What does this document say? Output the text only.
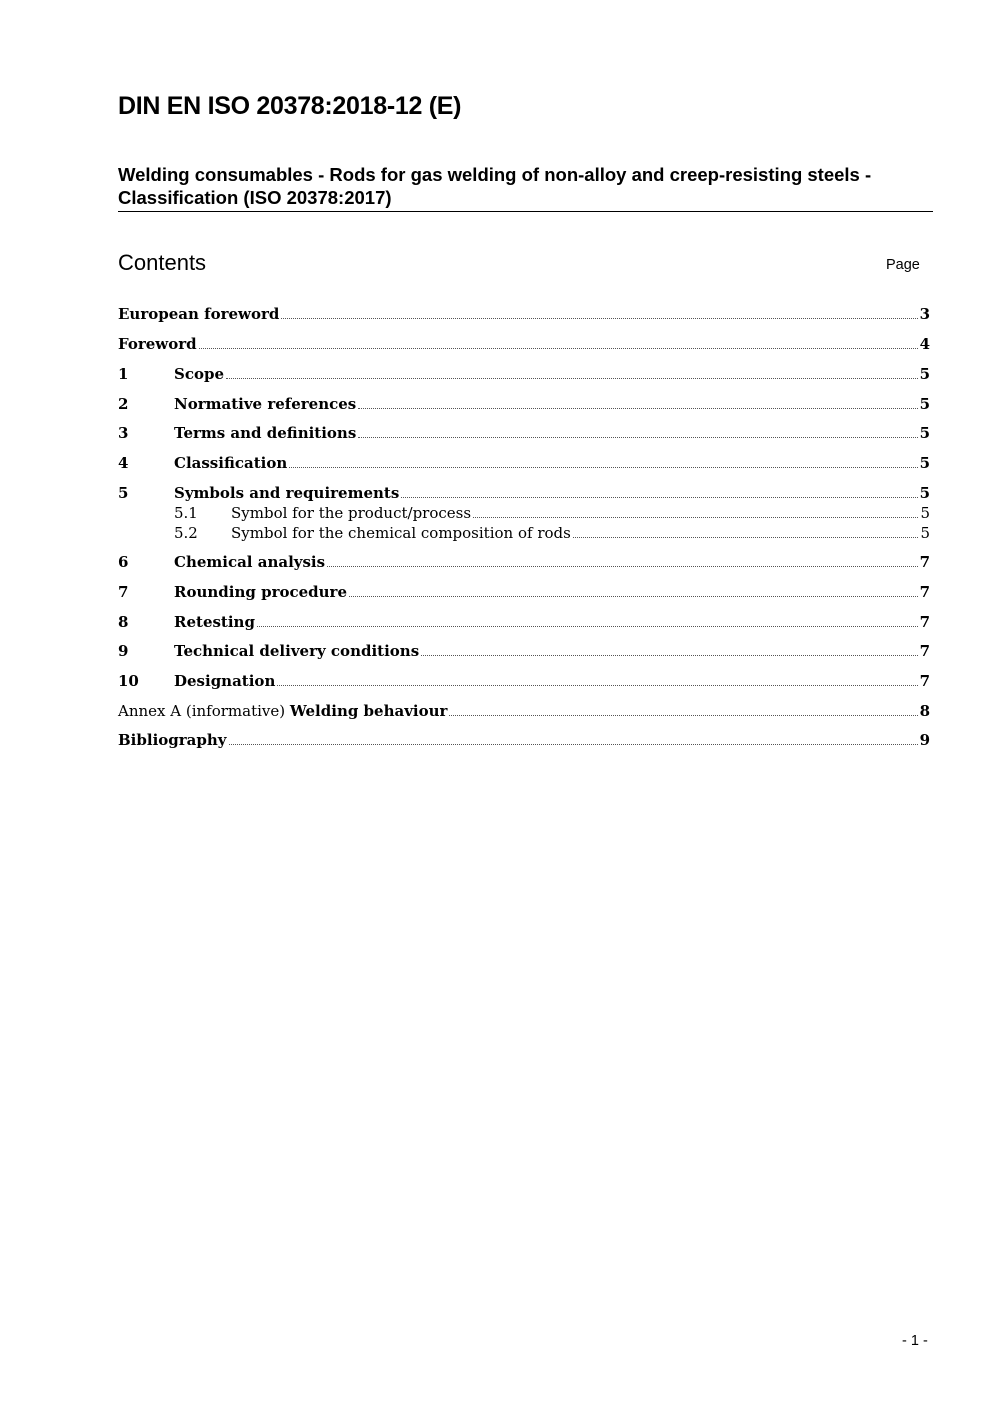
DIN EN ISO 20378:2018-12 (E)
Welding consumables - Rods for gas welding of non-alloy and creep-resisting steels - Classification (ISO 20378:2017)
Contents	Page
European foreword	3
Foreword	4
1	Scope	5
2	Normative references	5
3	Terms and definitions	5
4	Classification	5
5	Symbols and requirements	5
5.1	Symbol for the product/process	5
5.2	Symbol for the chemical composition of rods	5
6	Chemical analysis	7
7	Rounding procedure	7
8	Retesting	7
9	Technical delivery conditions	7
10	Designation	7
Annex A (informative) Welding behaviour	8
Bibliography	9
- 1 -
